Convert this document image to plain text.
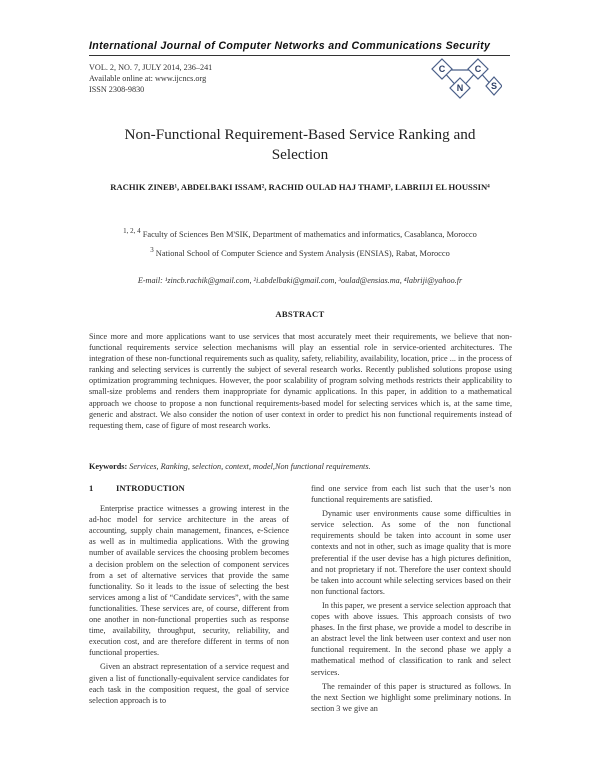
International Journal of Computer Networks and Communications Security
VOL. 2, NO. 7, JULY 2014, 236–241
Available online at: www.ijcncs.org
ISSN 2308-9830
C
N
C
S
Non-Functional Requirement-Based Service Ranking and Selection
RACHIK ZINEB¹, ABDELBAKI ISSAM², RACHID OULAD HAJ THAMI³, LABRIIJI EL HOUSSIN⁴
$^{1, 2, 4}$ Faculty of Sciences Ben M'SIK, Department of mathematics and informatics, Casablanca, Morocco
$^3$ National School of Computer Science and System Analysis (ENSIAS), Rabat, Morocco
E-mail: ¹zincb.rachik@gmail.com, ²i.abdelbaki@gmail.com, ³oulad@ensias.ma, ⁴labriji@yahoo.fr
ABSTRACT

Since more and more applications want to use services that most accurately meet their requirements, we believe that non-functional requirements service selection mechanisms will play an essential role in service-oriented architectures. The integration of these non-functional requirements such as quality, safety, reliability, availability, location, price ... in the process of ranking and selecting services is currently the subject of several research works. Recently published solutions propose using optimization programming techniques. However, the poor scalability of program solving methods restricts their applicability to small-size problems and renders them inappropriate for dynamic applications. In this paper, in addition to a mathematical approach we choose to propose a non functional requirements-based model for selecting services which is, at the same time, generic and abstract. We also consider the notion of user context in order to predict his non functional requirements instead of requesting them, case of figure of most research works.

Keywords: Services, Ranking, selection, context, model,Non functional requirements.
1	INTRODUCTION

Enterprise practice witnesses a growing interest in the ad-hoc model for service architecture in the areas of accounting, supply chain management, finances, e-Science as well as in multimedia applications. With the growing number of available services the choosing problem becomes a decision problem on the selection of component services from a set of alternative services that provide the same functionality. So it leads to the issue of selecting the best services among a list of “Candidate services”, with the same functionalities. These services are, of course, different from one another in non-functional properties such as response time, availability, throughput, security, reliability, and execution cost, and are therefore different in terms of non functional properties.

Given an abstract representation of a service request and given a list of functionally-equivalent service candidates for each task in the composition request, the goal of service selection approach is to

find one service from each list such that the user’s non functional requirements are satisfied.

Dynamic user environments cause some difficulties in service selection. As some of the non functional requirements should be taken into account in some user contexts and not in other, such as image quality that is more preferential if the user devise has a high pictures definition, and not proprietary if not. Therefore the user context should be taken into account while selecting services based on their non functional factors.

In this paper, we present a service selection approach that copes with above issues. This approach consists of two phases. In the first phase, we provide a model to describe in an abstract level the link between user context and user non functional requirement. In the second phase we apply a mathematical method of classification to rank and select services.

The remainder of this paper is structured as follows. In the next Section we highlight some preliminary notions. In section 3 we give an
